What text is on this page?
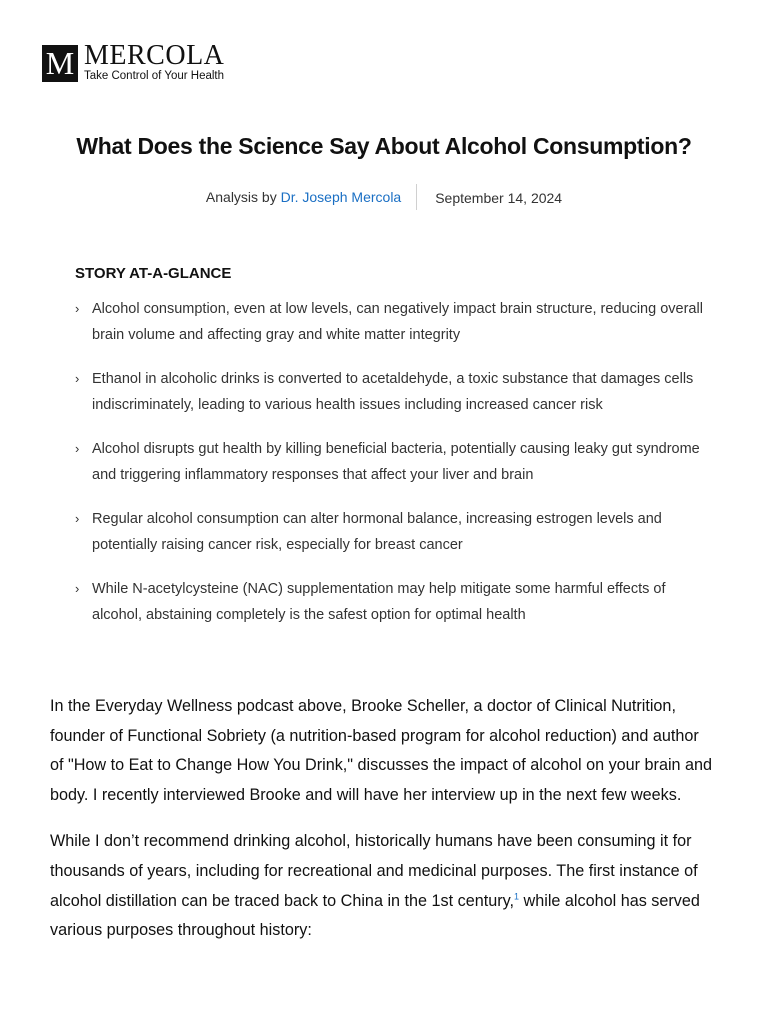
M MERCOLA
Take Control of Your Health
What Does the Science Say About Alcohol Consumption?
Analysis by Dr. Joseph Mercola	September 14, 2024
STORY AT-A-GLANCE
› Alcohol consumption, even at low levels, can negatively impact brain structure, reducing overall brain volume and affecting gray and white matter integrity
› Ethanol in alcoholic drinks is converted to acetaldehyde, a toxic substance that damages cells indiscriminately, leading to various health issues including increased cancer risk
› Alcohol disrupts gut health by killing beneficial bacteria, potentially causing leaky gut syndrome and triggering inflammatory responses that affect your liver and brain
› Regular alcohol consumption can alter hormonal balance, increasing estrogen levels and potentially raising cancer risk, especially for breast cancer
› While N-acetylcysteine (NAC) supplementation may help mitigate some harmful effects of alcohol, abstaining completely is the safest option for optimal health

In the Everyday Wellness podcast above, Brooke Scheller, a doctor of Clinical Nutrition, founder of Functional Sobriety (a nutrition-based program for alcohol reduction) and author of "How to Eat to Change How You Drink," discusses the impact of alcohol on your brain and body. I recently interviewed Brooke and will have her interview up in the next few weeks.

While I don’t recommend drinking alcohol, historically humans have been consuming it for thousands of years, including for recreational and medicinal purposes. The first instance of alcohol distillation can be traced back to China in the 1st century,$^1$ while alcohol has served various purposes throughout history:
